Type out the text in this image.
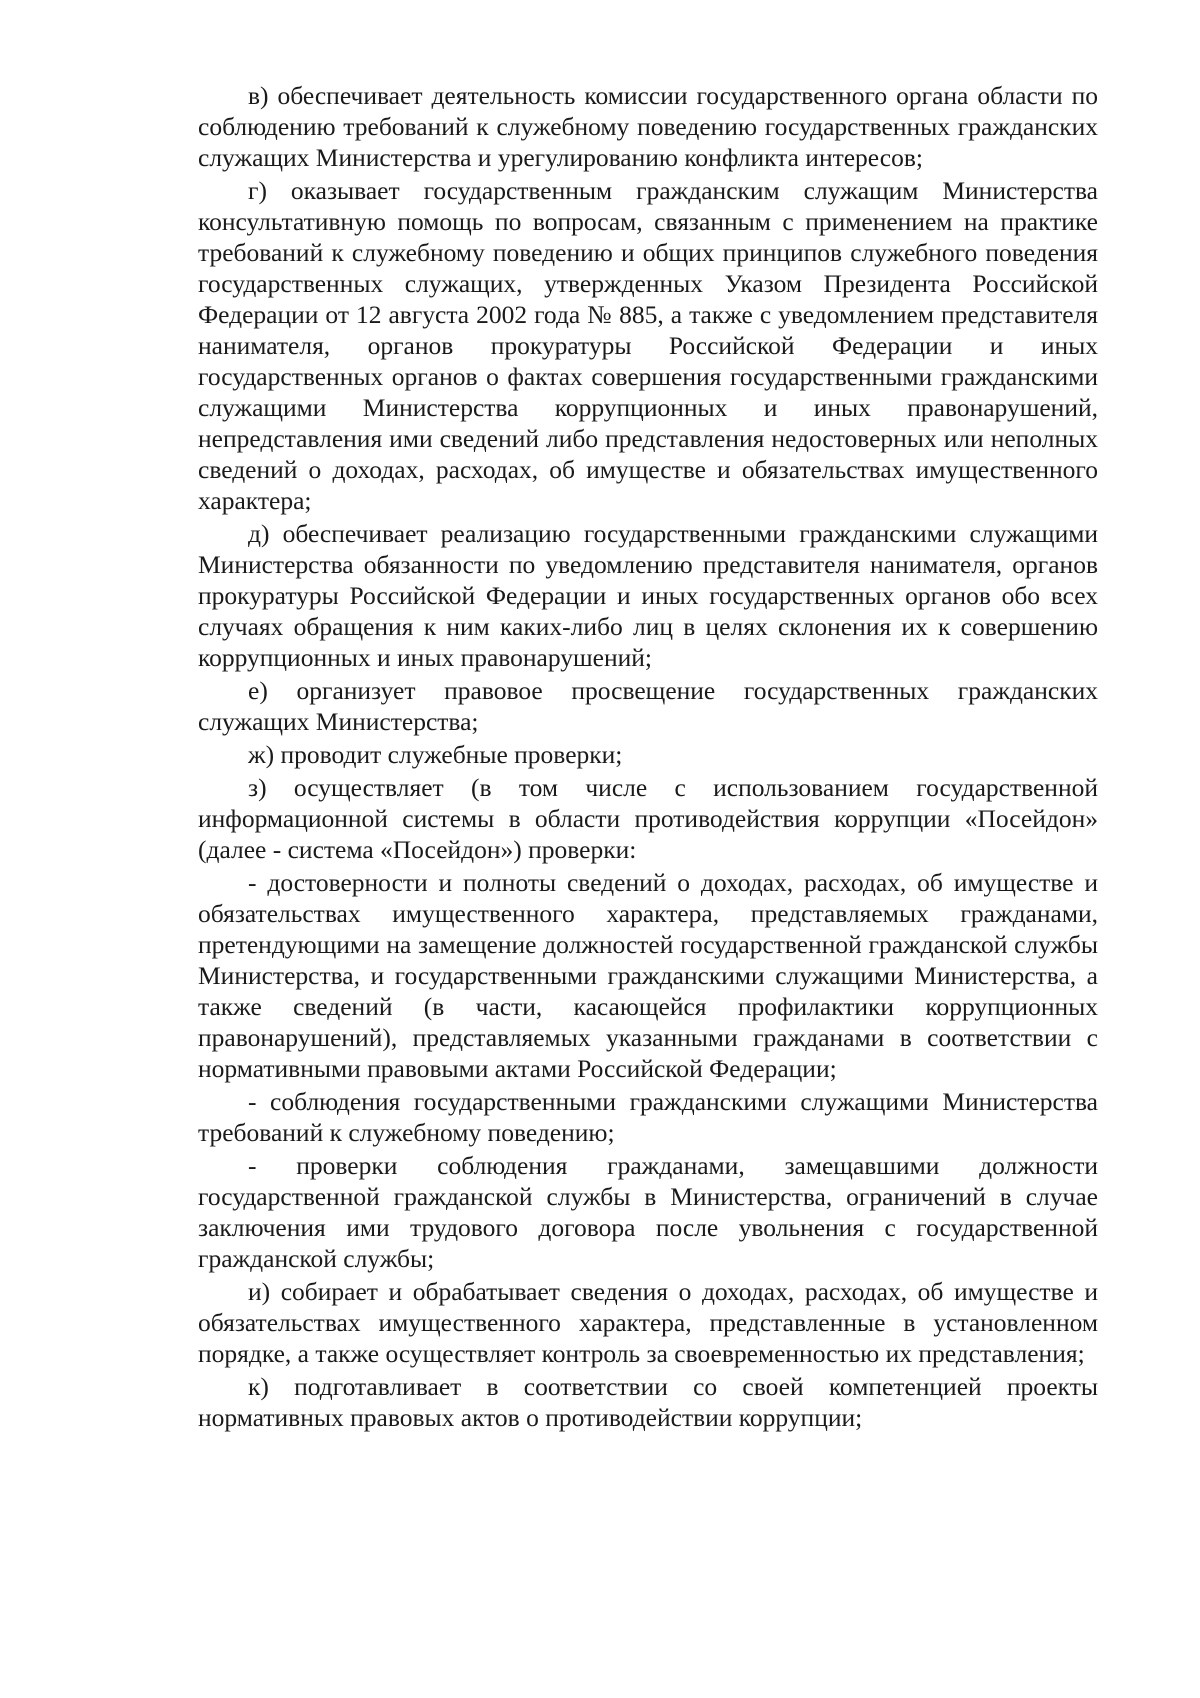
в) обеспечивает деятельность комиссии государственного органа области по соблюдению требований к служебному поведению государственных гражданских служащих Министерства и урегулированию конфликта интересов;

г) оказывает государственным гражданским служащим Министерства консультативную помощь по вопросам, связанным с применением на практике требований к служебному поведению и общих принципов служебного поведения государственных служащих, утвержденных Указом Президента Российской Федерации от 12 августа 2002 года № 885, а также с уведомлением представителя нанимателя, органов прокуратуры Российской Федерации и иных государственных органов о фактах совершения государственными гражданскими служащими Министерства коррупционных и иных правонарушений, непредставления ими сведений либо представления недостоверных или неполных сведений о доходах, расходах, об имуществе и обязательствах имущественного характера;

д) обеспечивает реализацию государственными гражданскими служащими Министерства обязанности по уведомлению представителя нанимателя, органов прокуратуры Российской Федерации и иных государственных органов обо всех случаях обращения к ним каких-либо лиц в целях склонения их к совершению коррупционных и иных правонарушений;

е) организует правовое просвещение государственных гражданских служащих Министерства;

ж) проводит служебные проверки;

з) осуществляет (в том числе с использованием государственной информационной системы в области противодействия коррупции «Посейдон» (далее - система «Посейдон») проверки:

- достоверности и полноты сведений о доходах, расходах, об имуществе и обязательствах имущественного характера, представляемых гражданами, претендующими на замещение должностей государственной гражданской службы Министерства, и государственными гражданскими служащими Министерства, а также сведений (в части, касающейся профилактики коррупционных правонарушений), представляемых указанными гражданами в соответствии с нормативными правовыми актами Российской Федерации;

- соблюдения государственными гражданскими служащими Министерства требований к служебному поведению;

- проверки соблюдения гражданами, замещавшими должности государственной гражданской службы в Министерства, ограничений в случае заключения ими трудового договора после увольнения с государственной гражданской службы;

и) собирает и обрабатывает сведения о доходах, расходах, об имуществе и обязательствах имущественного характера, представленные в установленном порядке, а также осуществляет контроль за своевременностью их представления;

к) подготавливает в соответствии со своей компетенцией проекты нормативных правовых актов о противодействии коррупции;
